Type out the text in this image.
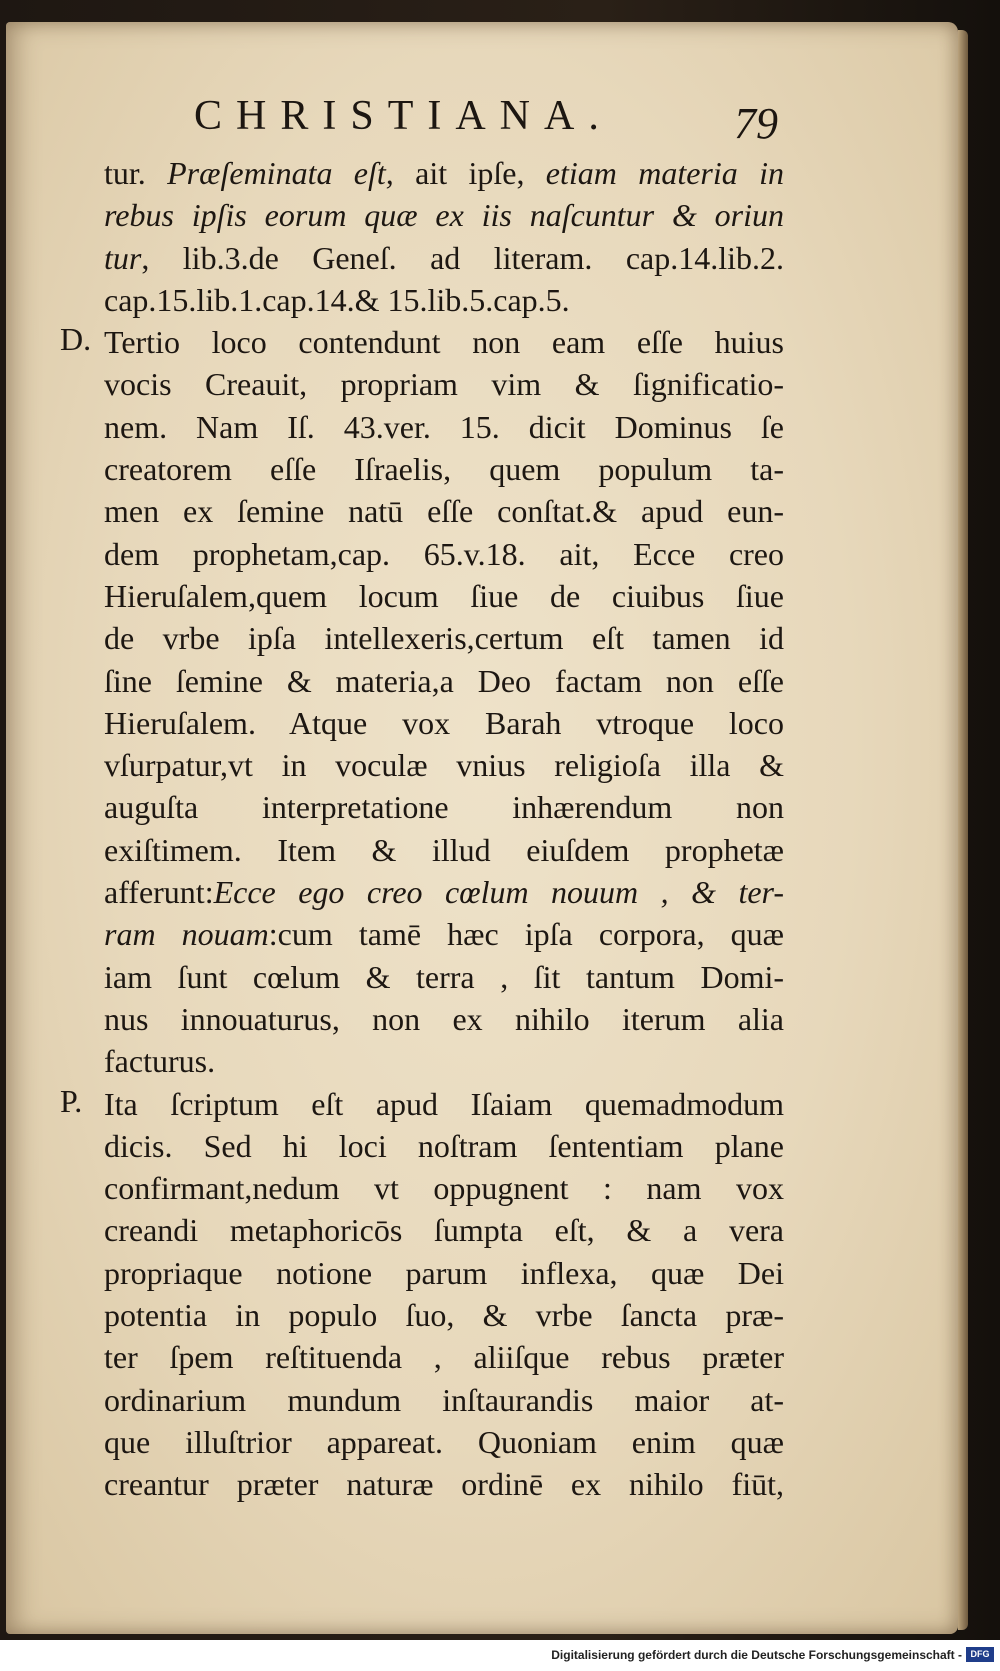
CHRISTIANA.	79
tur. Præſeminata eſt, ait ipſe, etiam materia in
rebus ipſis eorum quæ ex iis naſcuntur & oriun
tur, lib.3.de Geneſ. ad literam. cap.14.lib.2.
cap.15.lib.1.cap.14.& 15.lib.5.cap.5.
D. Tertio loco contendunt non eam eſſe huius
vocis Creauit, propriam vim & ſignificatio-
nem. Nam Iſ. 43.ver. 15. dicit Dominus ſe
creatorem eſſe Iſraelis, quem populum ta-
men ex ſemine natū eſſe conſtat.& apud eun-
dem prophetam,cap. 65.v.18. ait, Ecce creo
Hieruſalem,quem locum ſiue de ciuibus ſiue
de vrbe ipſa intellexeris,certum eſt tamen id
ſine ſemine & materia,a Deo factam non eſſe
Hieruſalem. Atque vox Barah vtroque loco
vſurpatur,vt in voculæ vnius religioſa illa &
auguſta interpretatione inhærendum non
exiſtimem. Item & illud eiuſdem prophetæ
afferunt:Ecce ego creo cœlum nouum , & ter-
ram nouam:cum tamē hæc ipſa corpora, quæ
iam ſunt cœlum & terra , ſit tantum Domi-
nus innouaturus, non ex nihilo iterum alia
facturus.
P. Ita ſcriptum eſt apud Iſaiam quemadmodum
dicis. Sed hi loci noſtram ſententiam plane
confirmant,nedum vt oppugnent : nam vox
creandi metaphoricōs ſumpta eſt, & a vera
propriaque notione parum inflexa, quæ Dei
potentia in populo ſuo, & vrbe ſancta præ-
ter ſpem reſtituenda , aliiſque rebus præter
ordinarium mundum inſtaurandis maior at-
que illuſtrior appareat. Quoniam enim quæ
creantur præter naturæ ordinē ex nihilo fiūt,
Digitalisierung gefördert durch die Deutsche Forschungsgemeinschaft - DFG
